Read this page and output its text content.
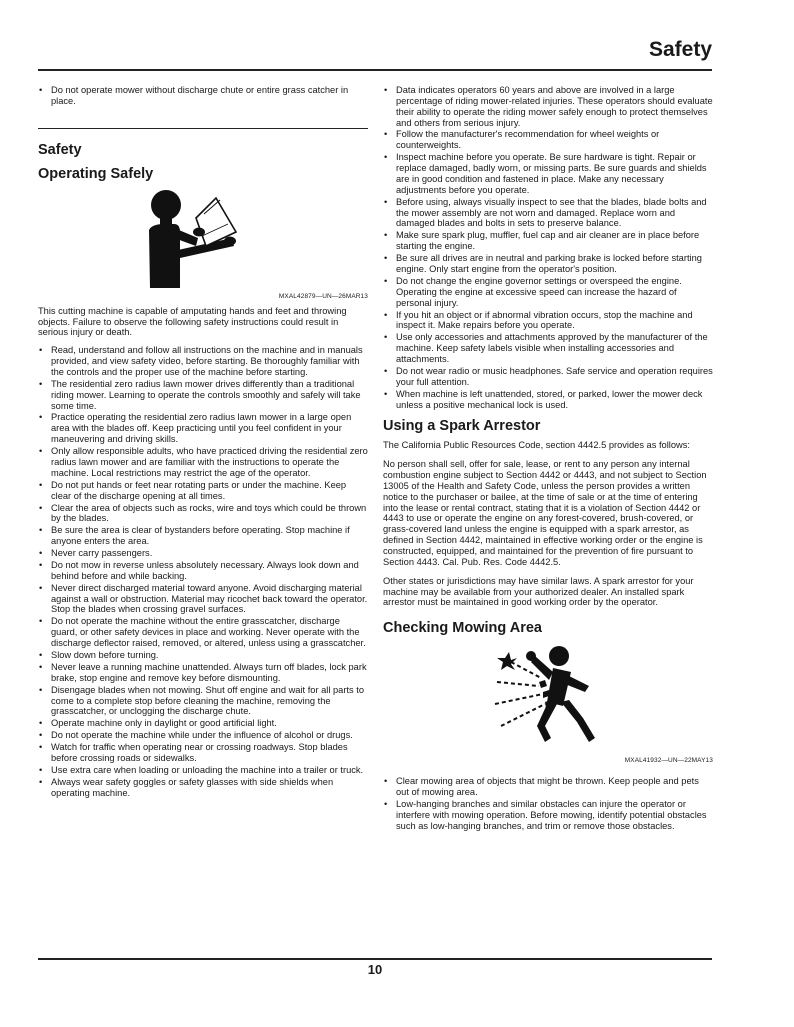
Safety
• Do not operate mower without discharge chute or entire grass catcher in place.
Safety
Operating Safely
MXAL42879—UN—26MAR13

This cutting machine is capable of amputating hands and feet and throwing objects. Failure to observe the following safety instructions could result in serious injury or death.

• Read, understand and follow all instructions on the machine and in manuals provided, and view safety video, before starting. Be thoroughly familiar with the controls and the proper use of the machine before starting.
• The residential zero radius lawn mower drives differently than a traditional riding mower. Learning to operate the controls smoothly and safely will take some time.
• Practice operating the residential zero radius lawn mower in a large open area with the blades off. Keep practicing until you feel confident in your maneuvering and driving skills.
• Only allow responsible adults, who have practiced driving the residential zero radius lawn mower and are familiar with the instructions to operate the machine. Local restrictions may restrict the age of the operator.
• Do not put hands or feet near rotating parts or under the machine. Keep clear of the discharge opening at all times.
• Clear the area of objects such as rocks, wire and toys which could be thrown by the blades.
• Be sure the area is clear of bystanders before operating. Stop machine if anyone enters the area.
• Never carry passengers.
• Do not mow in reverse unless absolutely necessary. Always look down and behind before and while backing.
• Never direct discharged material toward anyone. Avoid discharging material against a wall or obstruction. Material may ricochet back toward the operator. Stop the blades when crossing gravel surfaces.
• Do not operate the machine without the entire grasscatcher, discharge guard, or other safety devices in place and working. Never operate with the discharge deflector raised, removed, or altered, unless using a grasscatcher.
• Slow down before turning.
• Never leave a running machine unattended. Always turn off blades, lock park brake, stop engine and remove key before dismounting.
• Disengage blades when not mowing. Shut off engine and wait for all parts to come to a complete stop before cleaning the machine, removing the grasscatcher, or unclogging the discharge chute.
• Operate machine only in daylight or good artificial light.
• Do not operate the machine while under the influence of alcohol or drugs.
• Watch for traffic when operating near or crossing roadways. Stop blades before crossing roads or sidewalks.
• Use extra care when loading or unloading the machine into a trailer or truck.
• Always wear safety goggles or safety glasses with side shields when operating machine.
• Data indicates operators 60 years and above are involved in a large percentage of riding mower-related injuries. These operators should evaluate their ability to operate the riding mower safely enough to protect themselves and others from serious injury.
• Follow the manufacturer's recommendation for wheel weights or counterweights.
• Inspect machine before you operate. Be sure hardware is tight. Repair or replace damaged, badly worn, or missing parts. Be sure guards and shields are in good condition and fastened in place. Make any necessary adjustments before you operate.
• Before using, always visually inspect to see that the blades, blade bolts and the mower assembly are not worn and damaged. Replace worn and damaged blades and bolts in sets to preserve balance.
• Make sure spark plug, muffler, fuel cap and air cleaner are in place before starting the engine.
• Be sure all drives are in neutral and parking brake is locked before starting engine. Only start engine from the operator's position.
• Do not change the engine governor settings or overspeed the engine. Operating the engine at excessive speed can increase the hazard of personal injury.
• If you hit an object or if abnormal vibration occurs, stop the machine and inspect it. Make repairs before you operate.
• Use only accessories and attachments approved by the manufacturer of the machine. Keep safety labels visible when installing accessories and attachments.
• Do not wear radio or music headphones. Safe service and operation requires your full attention.
• When machine is left unattended, stored, or parked, lower the mower deck unless a positive mechanical lock is used.
Using a Spark Arrestor

The California Public Resources Code, section 4442.5 provides as follows:

No person shall sell, offer for sale, lease, or rent to any person any internal combustion engine subject to Section 4442 or 4443, and not subject to Section 13005 of the Health and Safety Code, unless the person provides a written notice to the purchaser or bailee, at the time of sale or at the time of entering into the lease or rental contract, stating that it is a violation of Section 4442 or 4443 to use or operate the engine on any forest-covered, brush-covered, or grass-covered land unless the engine is equipped with a spark arrestor, as defined in Section 4442, maintained in effective working order or the engine is constructed, equipped, and maintained for the prevention of fire pursuant to Section 4443. Cal. Pub. Res. Code 4442.5.

Other states or jurisdictions may have similar laws. A spark arrestor for your machine may be available from your authorized dealer. An installed spark arrestor must be maintained in good working order by the operator.

Checking Mowing Area
MXAL41932—UN—22MAY13
• Clear mowing area of objects that might be thrown. Keep people and pets out of mowing area.
• Low-hanging branches and similar obstacles can injure the operator or interfere with mowing operation. Before mowing, identify potential obstacles such as low-hanging branches, and trim or remove those obstacles.
10
